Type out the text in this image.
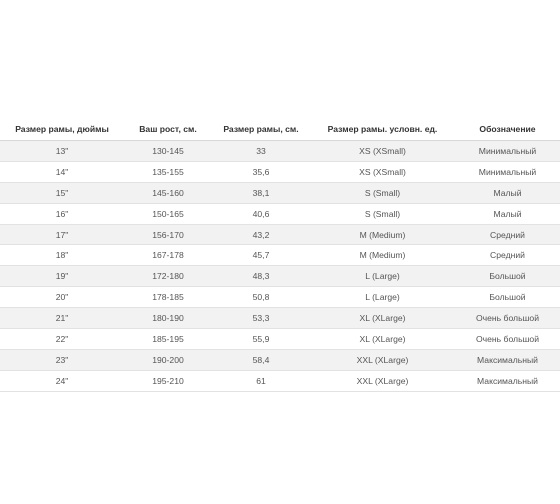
Размер рамы, дюймы	Ваш рост, см.	Размер рамы, см.	Размер рамы. условн. ед.	Обозначение
13"	130-145	33	XS (XSmall)	Минимальный
14"	135-155	35,6	XS (XSmall)	Минимальный
15"	145-160	38,1	S (Small)	Малый
16"	150-165	40,6	S (Small)	Малый
17"	156-170	43,2	M (Medium)	Средний
18"	167-178	45,7	M (Medium)	Средний
19"	172-180	48,3	L (Large)	Большой
20"	178-185	50,8	L (Large)	Большой
21"	180-190	53,3	XL (XLarge)	Очень большой
22"	185-195	55,9	XL (XLarge)	Очень большой
23"	190-200	58,4	XXL (XLarge)	Максимальный
24"	195-210	61	XXL (XLarge)	Максимальный
